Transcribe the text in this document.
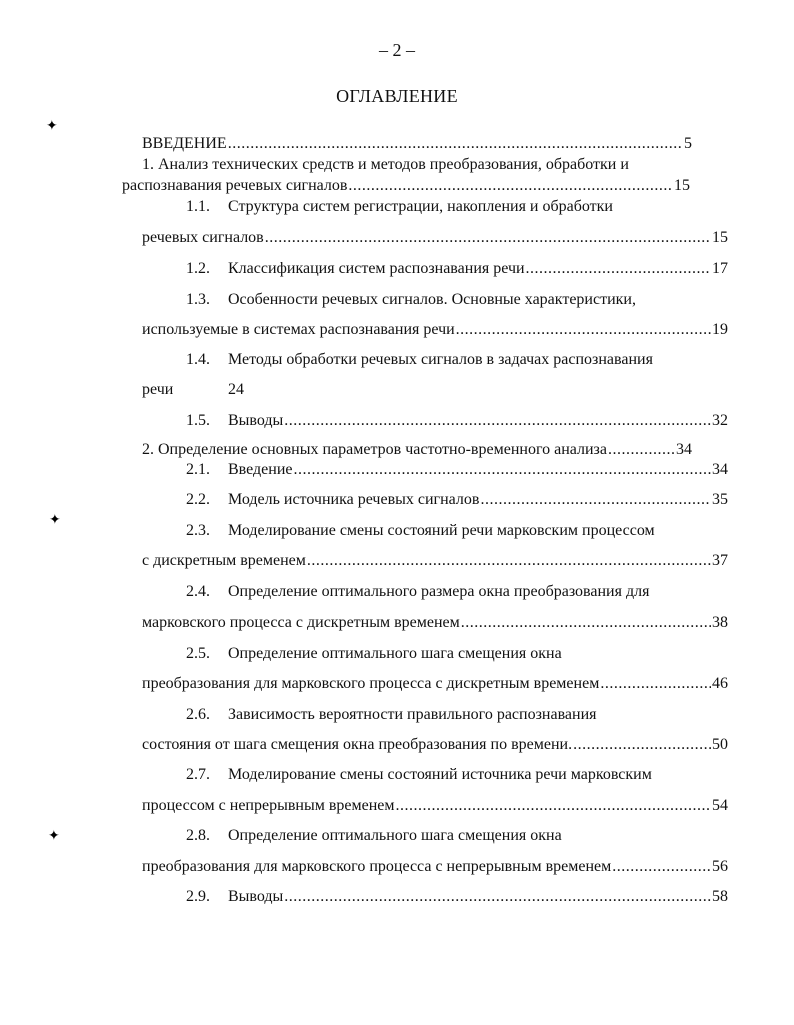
– 2 –
ОГЛАВЛЕНИЕ
✦
✦
✦
ВВЕДЕНИЕ .....	5
1. Анализ технических средств и методов преобразования, обработки и
распознавания речевых сигналов .....	15
1.1. Структура систем регистрации, накопления и обработки
речевых сигналов .....	15
1.2.	Классификация систем распознавания речи .....	17
1.3. Особенности речевых сигналов. Основные характеристики,
используемые в системах распознавания речи .....	19
1.4. Методы обработки речевых сигналов в задачах распознавания
речи	24
1.5.	Выводы .....	32
2. Определение основных параметров частотно-временного анализа .....	34
2.1.	Введение .....	34
2.2.	Модель источника речевых сигналов .....	35
2.3. Моделирование смены состояний речи марковским процессом
с дискретным временем .....	37
2.4. Определение оптимального размера окна преобразования для
марковского процесса с дискретным временем .....	38
2.5. Определение оптимального шага смещения окна
преобразования для марковского процесса с дискретным временем .....	46
2.6. Зависимость вероятности правильного распознавания
состояния от шага смещения окна преобразования по времени. .....	50
2.7. Моделирование смены состояний источника речи марковским
процессом с непрерывным временем .....	54
2.8. Определение оптимального шага смещения окна
преобразования для марковского процесса с непрерывным временем .....	56
2.9.	Выводы .....	58
